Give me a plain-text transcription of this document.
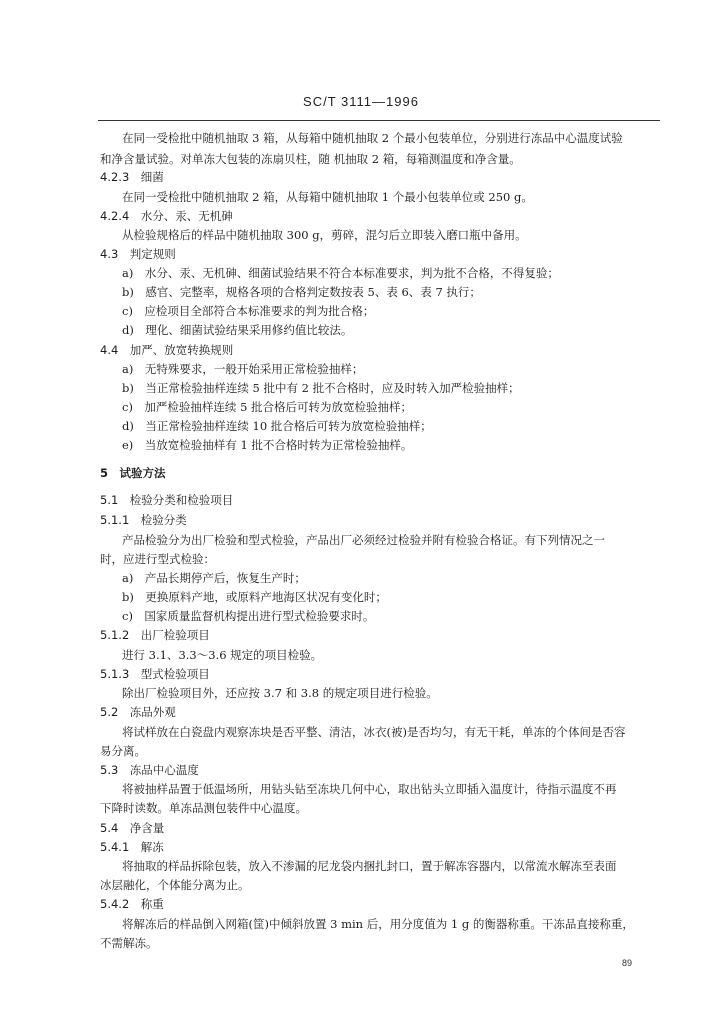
SC/T 3111—1996
在同一受检批中随机抽取 3 箱，从每箱中随机抽取 2 个最小包装单位，分别进行冻品中心温度试验
和净含量试验。对单冻大包装的冻扇贝柱，随 机抽取 2 箱，每箱测温度和净含量。
4.2.3　细菌
在同一受检批中随机抽取 2 箱，从每箱中随机抽取 1 个最小包装单位或 250 g。
4.2.4　水分、汞、无机砷
从检验规格后的样品中随机抽取 300 g，剪碎，混匀后立即装入磨口瓶中备用。
4.3　判定规则
a)　水分、汞、无机砷、细菌试验结果不符合本标准要求，判为批不合格，不得复验；
b)　感官、完整率，规格各项的合格判定数按表 5、表 6、表 7 执行；
c)　应检项目全部符合本标准要求的判为批合格；
d)　理化、细菌试验结果采用修约值比较法。
4.4　加严、放宽转换规则
a)　无特殊要求，一般开始采用正常检验抽样；
b)　当正常检验抽样连续 5 批中有 2 批不合格时，应及时转入加严检验抽样；
c)　加严检验抽样连续 5 批合格后可转为放宽检验抽样；
d)　当正常检验抽样连续 10 批合格后可转为放宽检验抽样；
e)　当放宽检验抽样有 1 批不合格时转为正常检验抽样。
5　试验方法
5.1　检验分类和检验项目
5.1.1　检验分类
产品检验分为出厂检验和型式检验，产品出厂必须经过检验并附有检验合格证。有下列情况之一
时，应进行型式检验：
a)　产品长期停产后，恢复生产时；
b)　更换原料产地，或原料产地海区状况有变化时；
c)　国家质量监督机构提出进行型式检验要求时。
5.1.2　出厂检验项目
进行 3.1、3.3～3.6 规定的项目检验。
5.1.3　型式检验项目
除出厂检验项目外，还应按 3.7 和 3.8 的规定项目进行检验。
5.2　冻品外观
将试样放在白瓷盘内观察冻块是否平整、清洁，冰衣(被)是否均匀，有无干耗，单冻的个体间是否容
易分离。
5.3　冻品中心温度
将被抽样品置于低温场所，用钻头钻至冻块几何中心，取出钻头立即插入温度计，待指示温度不再
下降时读数。单冻品测包装件中心温度。
5.4　净含量
5.4.1　解冻
将抽取的样品拆除包装，放入不渗漏的尼龙袋内捆扎封口，置于解冻容器内，以常流水解冻至表面
冰层融化，个体能分离为止。
5.4.2　称重
将解冻后的样品倒入网箱(筐)中倾斜放置 3 min 后，用分度值为 1 g 的衡器称重。干冻品直接称重，
不需解冻。
89
